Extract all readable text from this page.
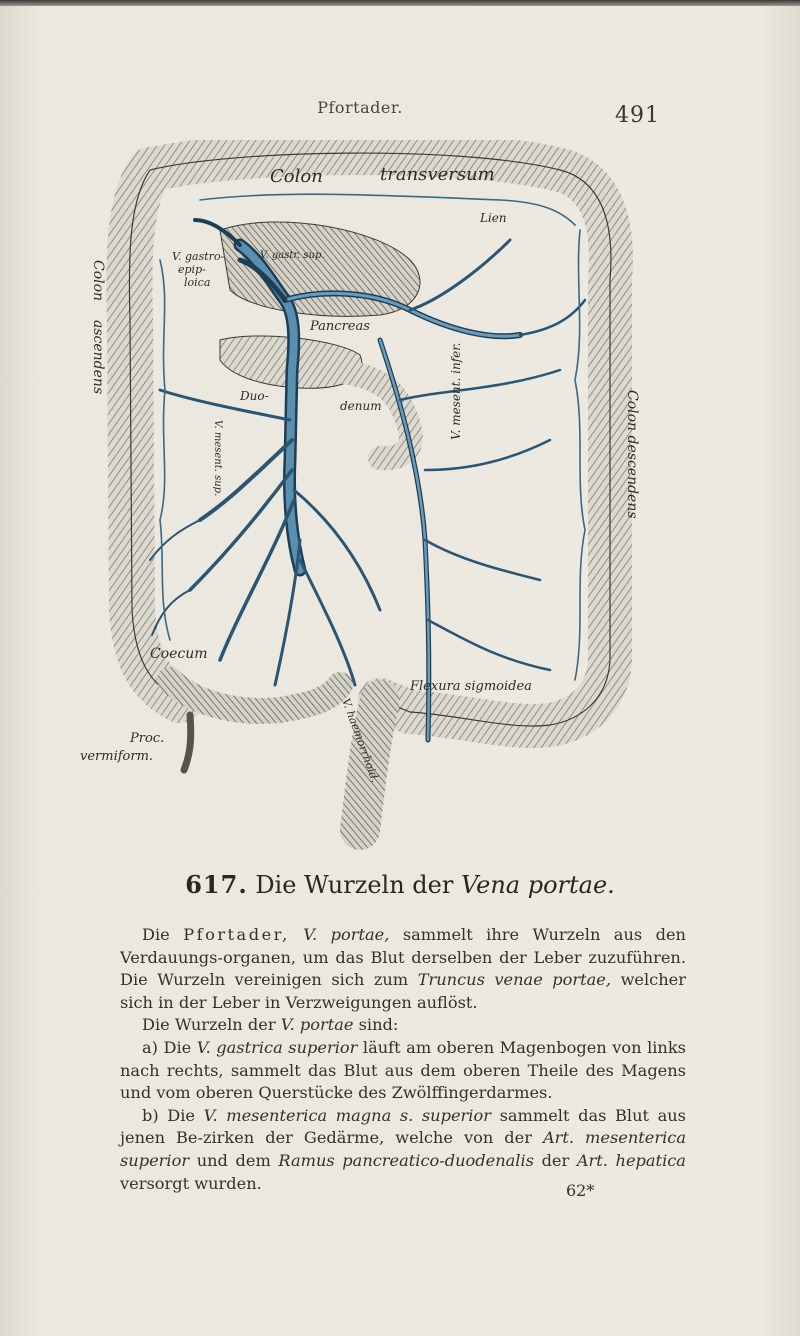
Pfortader.	491
Colon	transversum
Colon
ascendens
V. gastro-
epip-
loica
V. gastr. sup.
Lien
Pancreas
Duo-
denum
V. mesent. sup.
V. mesent. infer.
Coecum
Proc.
vermiform.
Flexura sigmoidea
V. haemorrhoid.
Colon descendens
617. Die Wurzeln der Vena portae.

Die Pfortader, V. portae, sammelt ihre Wurzeln aus den Verdauungs-organen, um das Blut derselben der Leber zuzuführen. Die Wurzeln vereinigen sich zum Truncus venae portae, welcher sich in der Leber in Verzweigungen auflöst.

Die Wurzeln der V. portae sind:

a) Die V. gastrica superior läuft am oberen Magenbogen von links nach rechts, sammelt das Blut aus dem oberen Theile des Magens und vom oberen Querstücke des Zwölffingerdarmes.

b) Die V. mesenterica magna s. superior sammelt das Blut aus jenen Be-zirken der Gedärme, welche von der Art. mesenterica superior und dem Ramus pancreatico-duodenalis der Art. hepatica versorgt wurden.	62*
